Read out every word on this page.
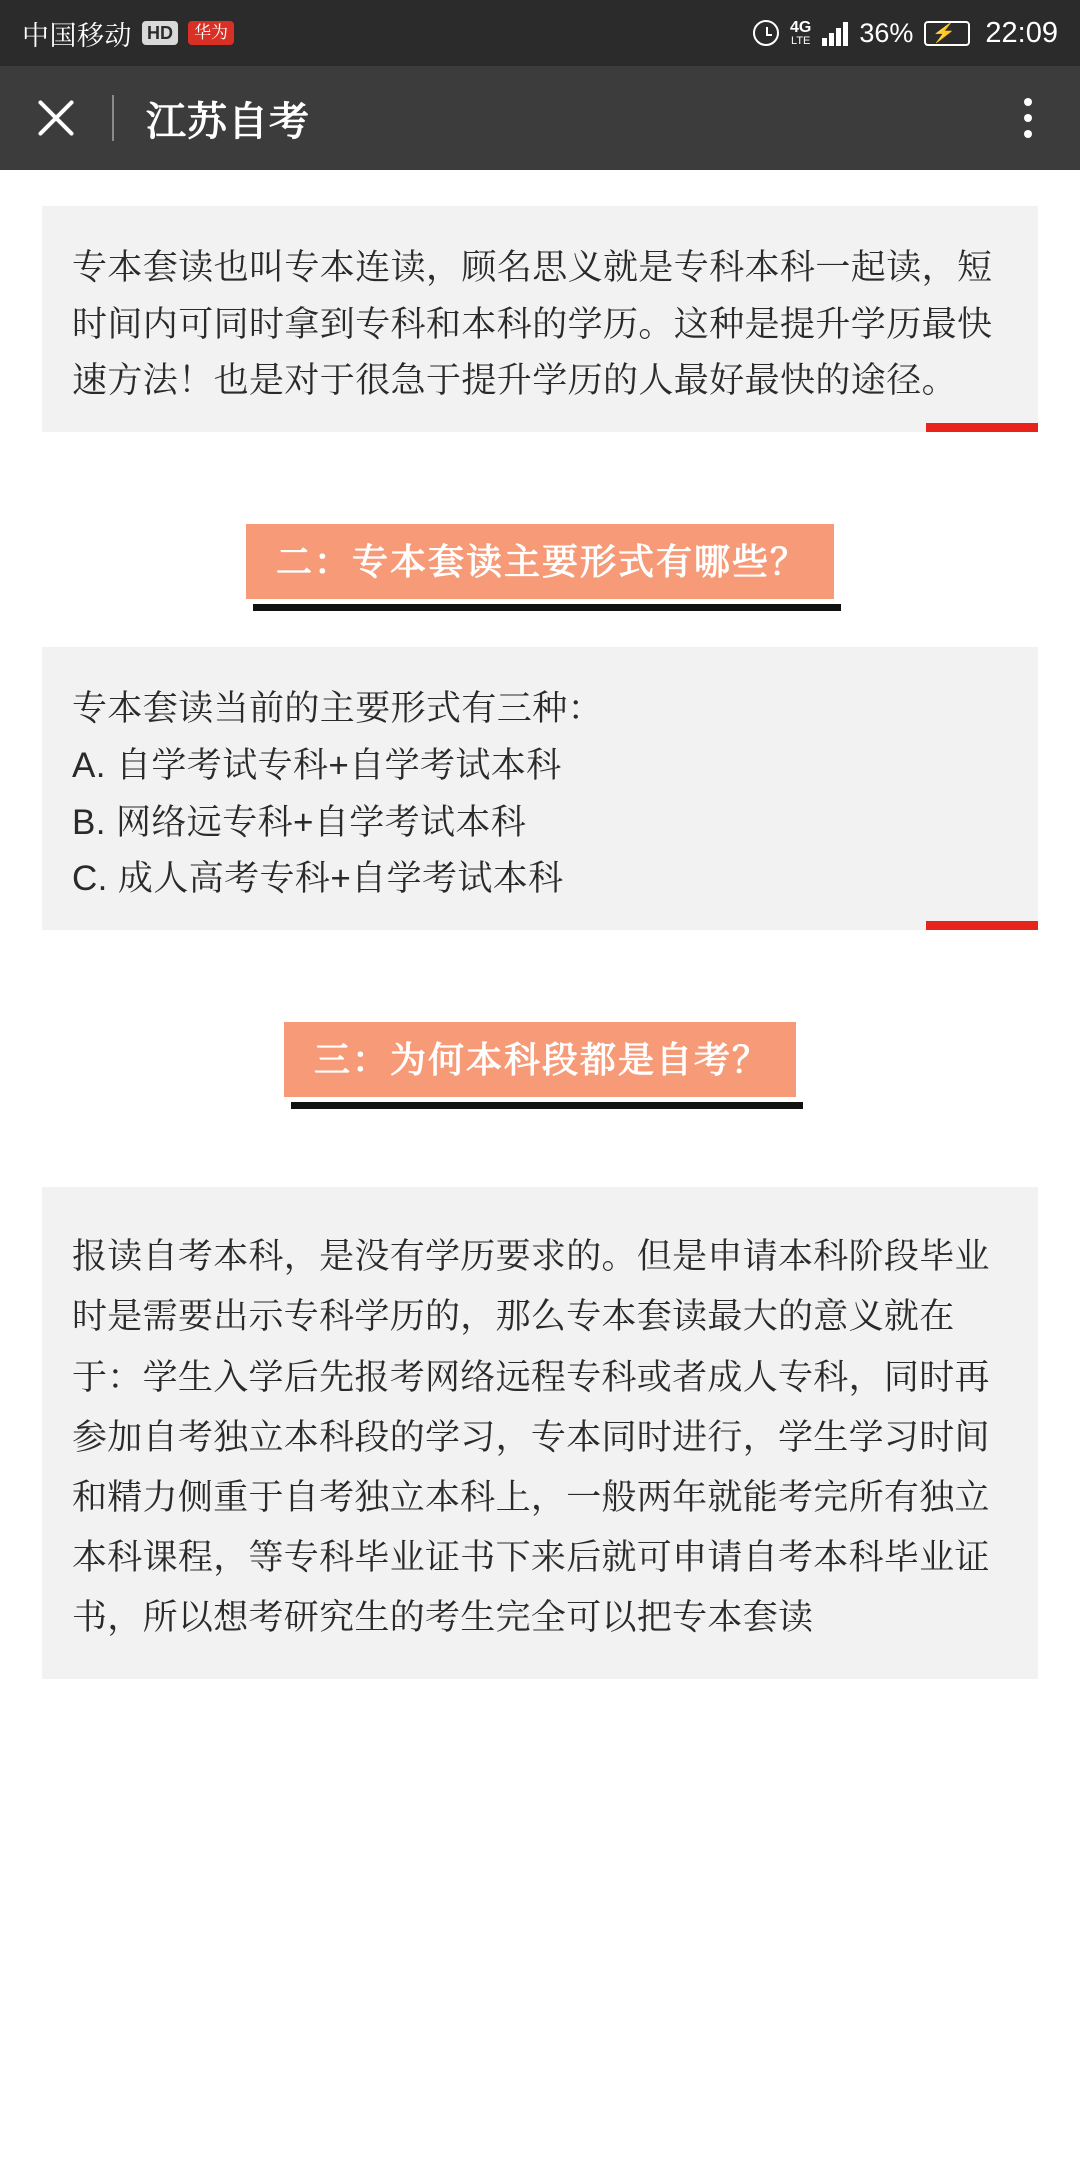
中国移动 HD	华为	4G
LTE 36% ⚡ 22:09
江苏自考

专本套读也叫专本连读，顾名思义就是专科本科一起读，短时间内可同时拿到专科和本科的学历。这种是提升学历最快速方法！也是对于很急于提升学历的人最好最快的途径。

二：专本套读主要形式有哪些？

专本套读当前的主要形式有三种：

A. 自学考试专科+自学考试本科

B. 网络远专科+自学考试本科

C. 成人高考专科+自学考试本科

三：为何本科段都是自考？

报读自考本科，是没有学历要求的。但是申请本科阶段毕业时是需要出示专科学历的，那么专本套读最大的意义就在于：学生入学后先报考网络远程专科或者成人专科，同时再参加自考独立本科段的学习，专本同时进行，学生学习时间和精力侧重于自考独立本科上，一般两年就能考完所有独立本科课程，等专科毕业证书下来后就可申请自考本科毕业证书，所以想考研究生的考生完全可以把专本套读
